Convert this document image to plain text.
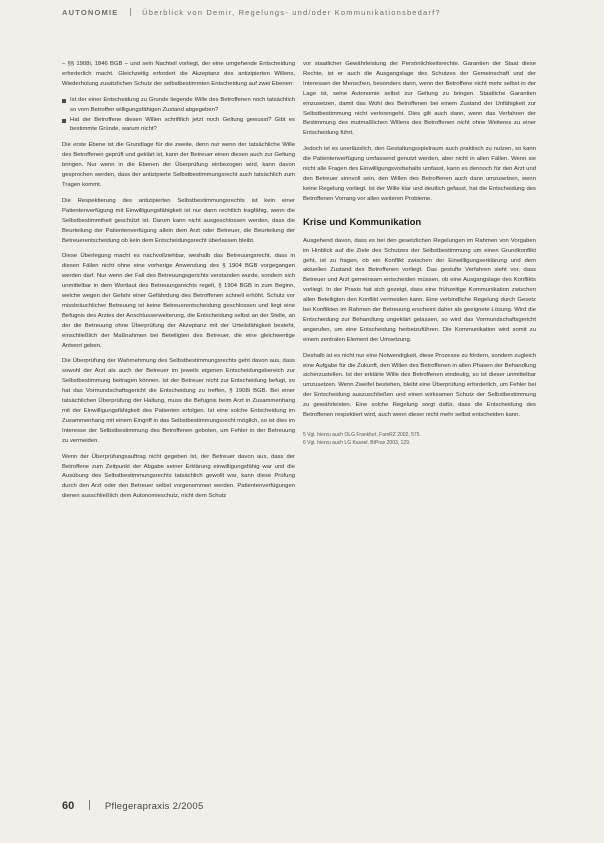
AUTONOMIE	Überblick von Demir, Regelungs- und/oder Kommunikationsbedarf?

– §§ 1908i, 1846 BGB – und sein Nachteil vorliegt, der eine umgehende Entscheidung erforderlich macht. Gleichzeitig erfordert die Akzeptanz des antizipierten Willens, Wiederholung zusätzlichen Schutz der selbstbestimmten Entscheidung auf zwei Ebenen:

Ist der einer Entscheidung zu Grunde liegende Wille des Betroffenen noch tatsächlich so vom Betroffen willigungsfähigen Zustand abgegeben?
Hat der Betroffene diesen Willen schriftlich jetzt noch Geltung gewusst? Gibt es bestimmte Gründe, warum nicht?

Die erste Ebene ist die Grundlage für die zweite, denn nur wenn der tatsächliche Wille des Betroffenen geprüft und geklärt ist, kann der Betreuer einen diesen auch zur Geltung bringen. Nur wenn in die Ebenen der Überprüfung einbezogen wird, kann davon gesprochen werden, dass der antizipierte Selbstbestimmungsrecht auch tatsächlich zum Tragen kommt.

Die Respektierung des antizipierten Selbstbestimmungsrechts ist kein einer Patientenverfügung mit Einwilligungsfähigkeit ist nur dann rechtlich tragfähig, wenn die Selbstbestimmtheit geschützt ist. Darum kann nicht ausgeschlossen werden, dass die Beurteilung der Patientenverfügung allein dem Arzt oder Betreuer, die Beurteilung der Betreuerentscheidung ob kein dem Entscheidungsrecht überlassen bleibt.

Diese Überlegung macht es nachvollziehbar, weshalb das Betreuungsrecht, dass in diesen Fällen nicht ohne eine vorherige Anwendung des § 1904 BGB vorgegangen werden darf. Nur wenn der Fall des Betreuungsgerichts verstanden wurde, sondern sich unmittelbar in dem Wortlaut des Betreuungsrechts regelt, § 1904 BGB in zum Beginn, welche wegen der Gefahr einer Gefährdung des Betroffenen schnell erhöht. Schutz vor missbräuchlicher Betreuung ist keine Betreuerentscheidung geschlossen und liegt eine Befugnis des Arztes der Anschlusserweiterung, die Entscheidung selbst an der Stelle, an der die Betreuung ohne Überprüfung der Akzeptanz mit der Urteilsfähigkeit besteht, einschließlich der Maßnahmen bei Beteiligten des Betreuer, die eine gleichwertige Antwort geben.

Die Überprüfung der Wahrnehmung des Selbstbestimmungsrechts geht davon aus, dass sowohl der Arzt als auch der Betreuer im jeweils eigenen Entscheidungsbereich zur Selbstbestimmung beitragen können. Ist der Betreuer nicht zur Entscheidung befugt, so hat das Vormundschaftsgericht die Entscheidung zu treffen, § 1908i BGB. Bei einer tatsächlichen Überprüfung der Haltung, muss die Befugnis beim Arzt in Zusammenhang mit der Einwilligungsfähigkeit des Patienten erfolgen. Ist eine solche Entscheidung im Zusammenhang mit einem Eingriff in das Selbstbestimmungsrecht möglich, so ist dies im Interesse der Selbstbestimmung des Betroffenen geboten, um Fehler in der Betreuung zu vermeiden.

Wenn der Überprüfungsauftrag nicht gegeben ist, der Betreuer davon aus, dass der Betroffene zum Zeitpunkt der Abgabe seiner Erklärung einwilligungsfähig war und die Ausübung des Selbstbestimmungsrechts tatsächlich gewollt war, kann diese Prüfung durch den Arzt oder den Betreuer selbst vorgenommen werden. Patientenverfügungen dienen ausschließlich dem Autonomieschutz, nicht dem Schutz

vor staatlicher Gewährleistung der Persönlichkeitsrechte. Garantien der Staat diese Rechte, ist er auch die Ausgangslage des Schutzes der Gemeinschaft und der Interessen der Menschen, besonders dann, wenn der Betroffene nicht mehr selbst in der Lage ist, seine Autonomie selbst zur Geltung zu bringen. Staatliche Garantien einzusetzen, damit das Wohl des Betroffenen bei einem Zustand der Unfähigkeit zur Selbstbestimmung nicht verlorengeht. Dies gilt auch dann, wenn das Verfahren der Bestimmung des mutmaßlichen Willens des Betroffenen nicht ohne Weiteres zu einer Entscheidung führt.

Jedoch ist es unerlässlich, den Gestaltungsspielraum auch praktisch zu nutzen, so kann die Patientenverfügung umfassend genutzt werden, aber nicht in allen Fällen. Wenn sie nicht alle Fragen des Einwilligungsvorbehalts umfasst, kann es dennoch für den Arzt und den Betreuer sinnvoll sein, den Willen des Betroffenen auch dann umzusetzen, wenn keine Regelung vorliegt. Ist der Wille klar und deutlich gefasst, hat die Entscheidung des Betroffenen Vorrang vor allen weiteren Probleme.

Krise und Kommunikation

Ausgehend davon, dass es bei den gesetzlichen Regelungen im Rahmen von Vorgaben im Hinblick auf die Ziele des Schutzes der Selbstbestimmung um einen Grundkonflikt geht, ist zu fragen, ob ein Konflikt zwischen der Einwilligungserklärung und dem aktuellen Zustand des Betroffenen vorliegt. Das gestufte Verfahren sieht vor, dass Betreuer und Arzt gemeinsam entscheiden müssen, ob eine Ausgangslage des Konflikts vorliegt. In der Praxis hat sich gezeigt, dass eine frühzeitige Kommunikation zwischen allen Beteiligten den Konflikt vermeiden kann. Eine verbindliche Regelung durch Gesetz bei Konflikten im Rahmen der Betreuung erscheint daher als geeignete Lösung. Wird die Entscheidung zur Behandlung ungeklärt gelassen, so wird das Vormundschaftsgericht angerufen, um eine Entscheidung herbeizuführen. Die Kommunikation wird somit zu einem zentralen Element der Umsetzung.

Deshalb ist es nicht nur eine Notwendigkeit, diese Prozesse zu fördern, sondern zugleich eine Aufgabe für die Zukunft, den Willen des Betroffenen in allen Phasen der Behandlung sicherzustellen. Ist der erklärte Wille des Betroffenen eindeutig, so ist dieser unmittelbar umzusetzen. Wenn Zweifel bestehen, bleibt eine Überprüfung erforderlich, um Fehler bei der Entscheidung auszuschließen und einen wirksamen Schutz der Selbstbestimmung zu gewährleisten. Eine solche Regelung sorgt dafür, dass die Entscheidung des Betroffenen respektiert wird, auch wenn dieser nicht mehr selbst entscheiden kann.

5 Vgl. hierzu auch OLG Frankfurt, FamRZ 2002, 575.
6 Vgl. hierzu auch LG Kassel, BtPrax 2003, 129.
60	Pflegerapraxis 2/2005
